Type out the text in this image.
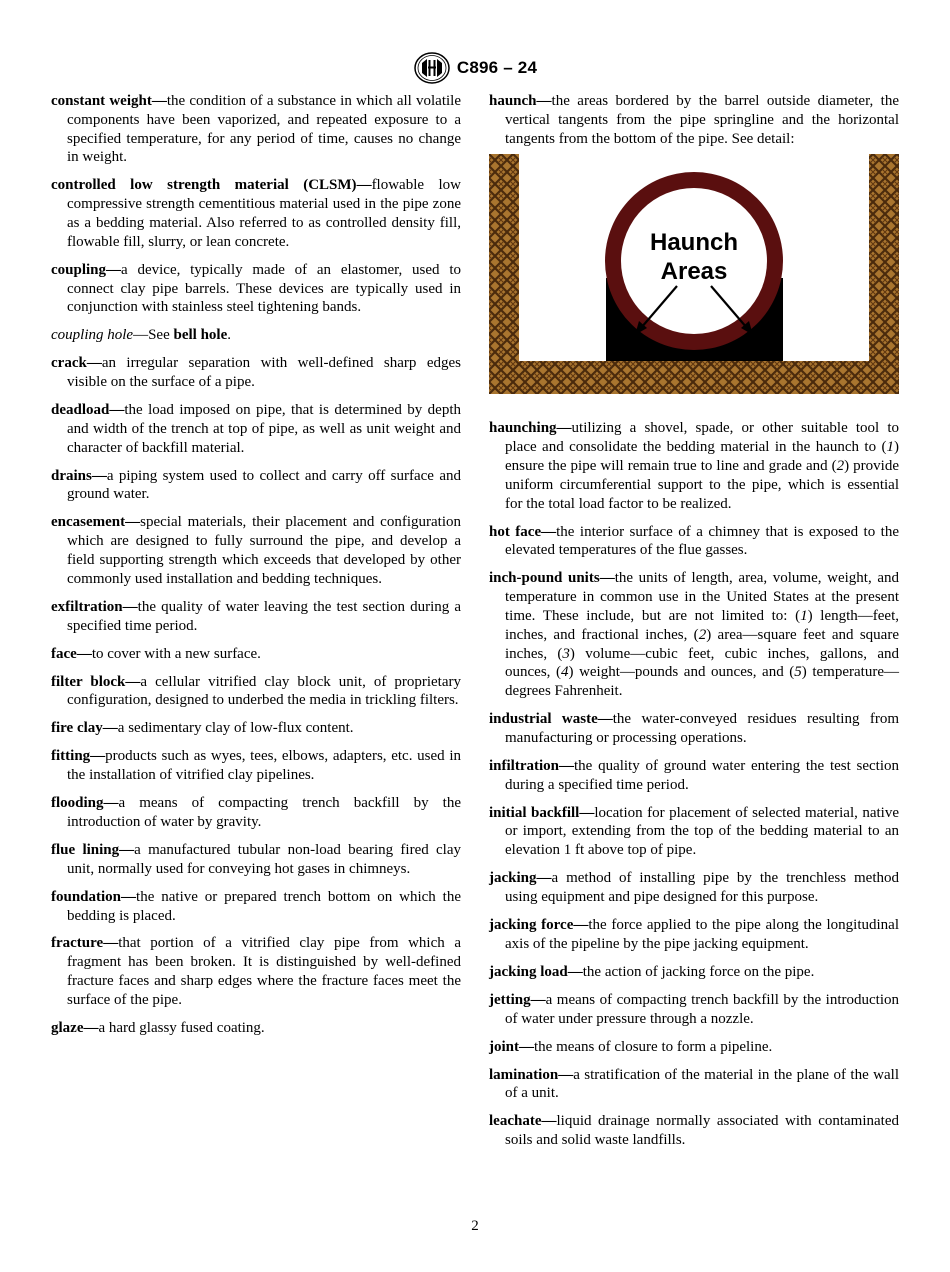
C896 – 24

constant weight—the condition of a substance in which all volatile components have been vaporized, and repeated exposure to a specified temperature, for any period of time, causes no change in weight.

controlled low strength material (CLSM)—flowable low compressive strength cementitious material used in the pipe zone as a bedding material. Also referred to as controlled density fill, flowable fill, slurry, or lean concrete.

coupling—a device, typically made of an elastomer, used to connect clay pipe barrels. These devices are typically used in conjunction with stainless steel tightening bands.

coupling hole—See bell hole.

crack—an irregular separation with well-defined sharp edges visible on the surface of a pipe.

deadload—the load imposed on pipe, that is determined by depth and width of the trench at top of pipe, as well as unit weight and character of backfill material.

drains—a piping system used to collect and carry off surface and ground water.

encasement—special materials, their placement and configuration which are designed to fully surround the pipe, and develop a field supporting strength which exceeds that developed by other commonly used installation and bedding techniques.

exfiltration—the quality of water leaving the test section during a specified time period.

face—to cover with a new surface.

filter block—a cellular vitrified clay block unit, of proprietary configuration, designed to underbed the media in trickling filters.

fire clay—a sedimentary clay of low-flux content.

fitting—products such as wyes, tees, elbows, adapters, etc. used in the installation of vitrified clay pipelines.

flooding—a means of compacting trench backfill by the introduction of water by gravity.

flue lining—a manufactured tubular non-load bearing fired clay unit, normally used for conveying hot gases in chimneys.

foundation—the native or prepared trench bottom on which the bedding is placed.

fracture—that portion of a vitrified clay pipe from which a fragment has been broken. It is distinguished by well-defined fracture faces and sharp edges where the fracture faces meet the surface of the pipe.

glaze—a hard glassy fused coating.

haunch—the areas bordered by the barrel outside diameter, the vertical tangents from the pipe springline and the horizontal tangents from the bottom of the pipe. See detail:

Haunch
Areas

haunching—utilizing a shovel, spade, or other suitable tool to place and consolidate the bedding material in the haunch to (1) ensure the pipe will remain true to line and grade and (2) provide uniform circumferential support to the pipe, which is essential for the total load factor to be realized.

hot face—the interior surface of a chimney that is exposed to the elevated temperatures of the flue gasses.

inch-pound units—the units of length, area, volume, weight, and temperature in common use in the United States at the present time. These include, but are not limited to: (1) length—feet, inches, and fractional inches, (2) area—square feet and square inches, (3) volume—cubic feet, cubic inches, gallons, and ounces, (4) weight—pounds and ounces, and (5) temperature—degrees Fahrenheit.

industrial waste—the water-conveyed residues resulting from manufacturing or processing operations.

infiltration—the quality of ground water entering the test section during a specified time period.

initial backfill—location for placement of selected material, native or import, extending from the top of the bedding material to an elevation 1 ft above top of pipe.

jacking—a method of installing pipe by the trenchless method using equipment and pipe designed for this purpose.

jacking force—the force applied to the pipe along the longitudinal axis of the pipeline by the pipe jacking equipment.

jacking load—the action of jacking force on the pipe.

jetting—a means of compacting trench backfill by the introduction of water under pressure through a nozzle.

joint—the means of closure to form a pipeline.

lamination—a stratification of the material in the plane of the wall of a unit.

leachate—liquid drainage normally associated with contaminated soils and solid waste landfills.

2
